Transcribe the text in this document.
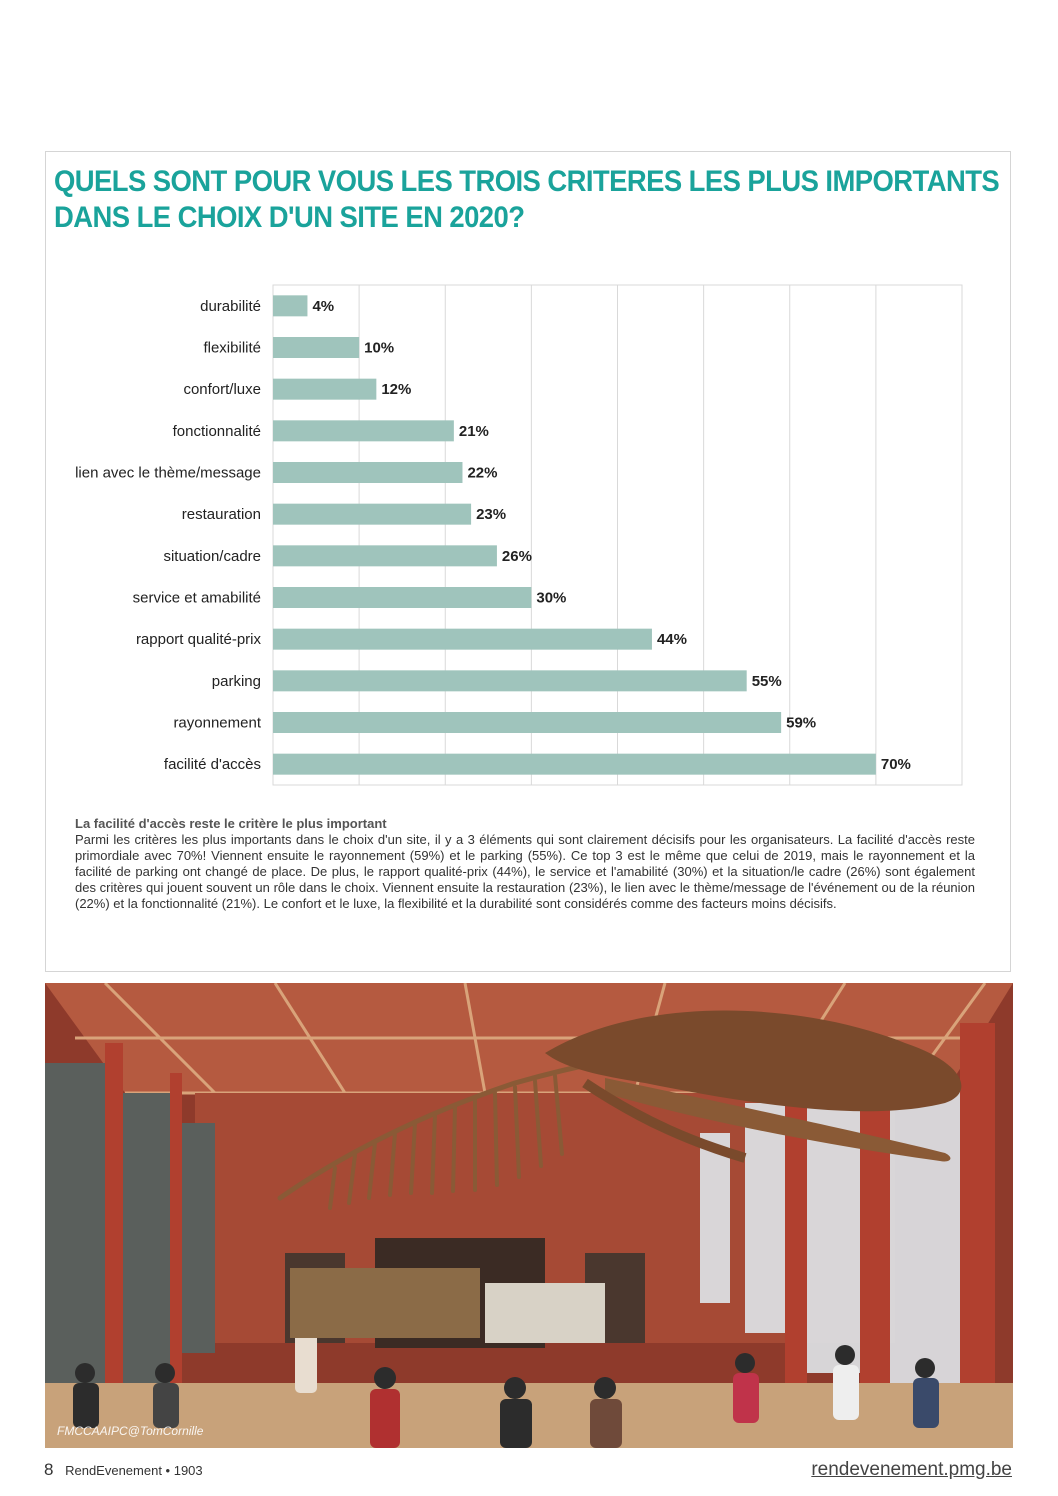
QUELS SONT POUR VOUS LES TROIS CRITERES LES PLUS IMPORTANTS
DANS LE CHOIX D'UN SITE EN 2020?
durabilité	4%
flexibilité	10%
confort/luxe	12%
fonctionnalité	21%
lien avec le thème/message	22%
restauration	23%
situation/cadre	26%
service et amabilité	30%
rapport qualité-prix	44%
parking	55%
rayonnement	59%
facilité d'accès	70%
La facilité d'accès reste le critère le plus important

Parmi les critères les plus importants dans le choix d'un site, il y a 3 éléments qui sont clairement décisifs pour les organisateurs. La facilité d'accès reste primordiale avec 70%! Viennent ensuite le rayonnement (59%) et le parking (55%). Ce top 3 est le même que celui de 2019, mais le rayonnement et la facilité de parking ont changé de place. De plus, le rapport qualité-prix (44%), le service et l'amabilité (30%) et la situation/le cadre (26%) sont également des critères qui jouent souvent un rôle dans le choix. Viennent ensuite la restauration (23%), le lien avec le thème/message de l'événement ou de la réunion (22%) et la fonctionnalité (21%). Le confort et le luxe, la flexibilité et la durabilité sont considérés comme des facteurs moins décisifs.

FMCCAAIPC@TomCornille
8 RendEvenement • 1903	rendevenement.pmg.be
